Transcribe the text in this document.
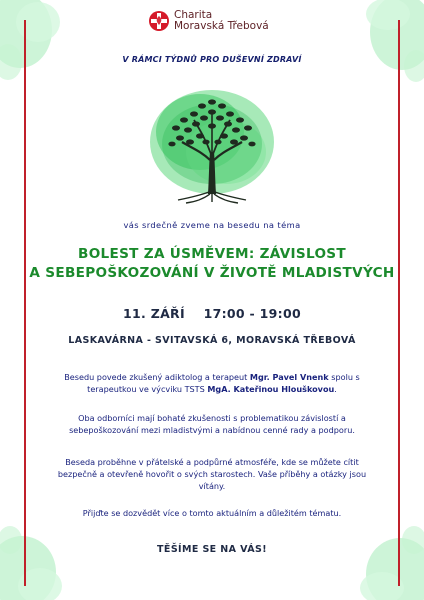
Charita
Moravská Třebová
V RÁMCI TÝDNŮ PRO DUŠEVNÍ ZDRAVÍ
vás srdečně zveme na besedu na téma
BOLEST ZA ÚSMĚVEM: ZÁVISLOST
A SEBEPOŠKOZOVÁNÍ V ŽIVOTĚ MLADISTVÝCH
11. ZÁŘÍ 17:00 - 19:00
LASKAVÁRNA - SVITAVSKÁ 6, MORAVSKÁ TŘEBOVÁ
Besedu povede zkušený adiktolog a terapeut Mgr. Pavel Vnenk spolu s terapeutkou ve výcviku TSTS MgA. Kateřinou Hlouškovou.
Oba odborníci mají bohaté zkušenosti s problematikou závislostí a sebepoškozování mezi mladistvými a nabídnou cenné rady a podporu.
Beseda proběhne v přátelské a podpůrné atmosféře, kde se můžete cítit bezpečně a otevřeně hovořit o svých starostech. Vaše příběhy a otázky jsou vítány.
Přijďte se dozvědět více o tomto aktuálním a důležitém tématu.
TĚŠÍME SE NA VÁS!
